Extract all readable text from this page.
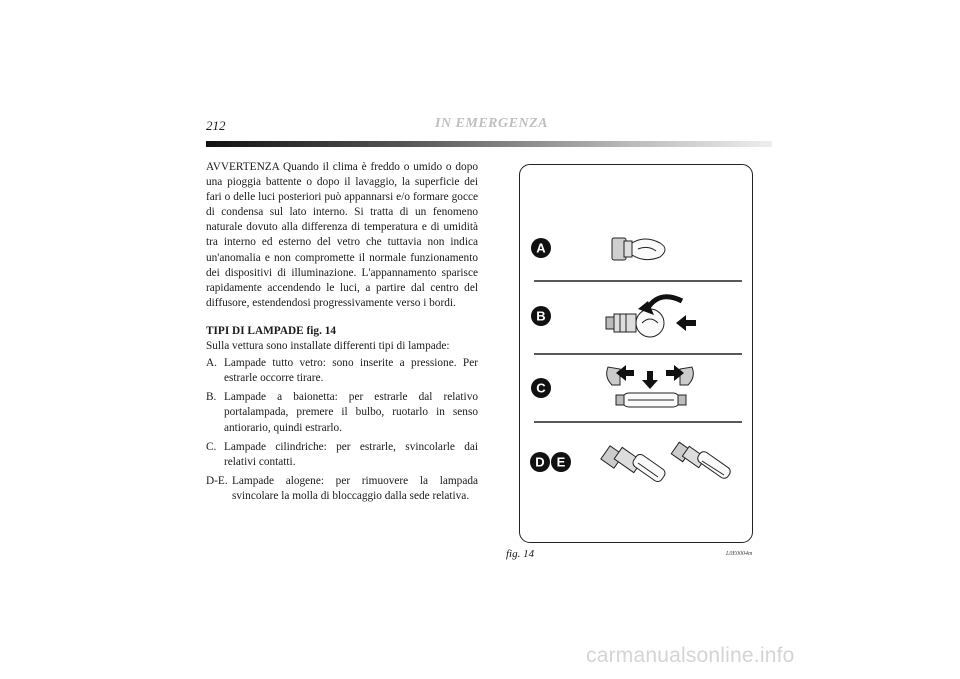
212	IN EMERGENZA

AVVERTENZA Quando il clima è freddo o umido o dopo una pioggia battente o dopo il lavaggio, la superficie dei fari o delle luci posteriori può appannarsi e/o formare gocce di condensa sul lato interno. Si tratta di un fenomeno naturale dovuto alla differenza di temperatura e di umidità tra interno ed esterno del vetro che tuttavia non indica un'anomalia e non compromette il normale funzionamento dei dispositivi di illuminazione. L'appannamento sparisce rapidamente accendendo le luci, a partire dal centro del diffusore, estendendosi progressivamente verso i bordi.

TIPI DI LAMPADE fig. 14

Sulla vettura sono installate differenti tipi di lampade:

A. Lampade tutto vetro: sono inserite a pressione. Per estrarle occorre tirare.
B. Lampade a baionetta: per estrarle dal relativo portalampada, premere il bulbo, ruotarlo in senso antiorario, quindi estrarlo.
C. Lampade cilindriche: per estrarle, svincolarle dai relativi contatti.
D-E. Lampade alogene: per rimuovere la lampada svincolare la molla di bloccaggio dalla sede relativa.
A
B
C
D E
fig. 14	L0E0004m
carmanualsonline.info
